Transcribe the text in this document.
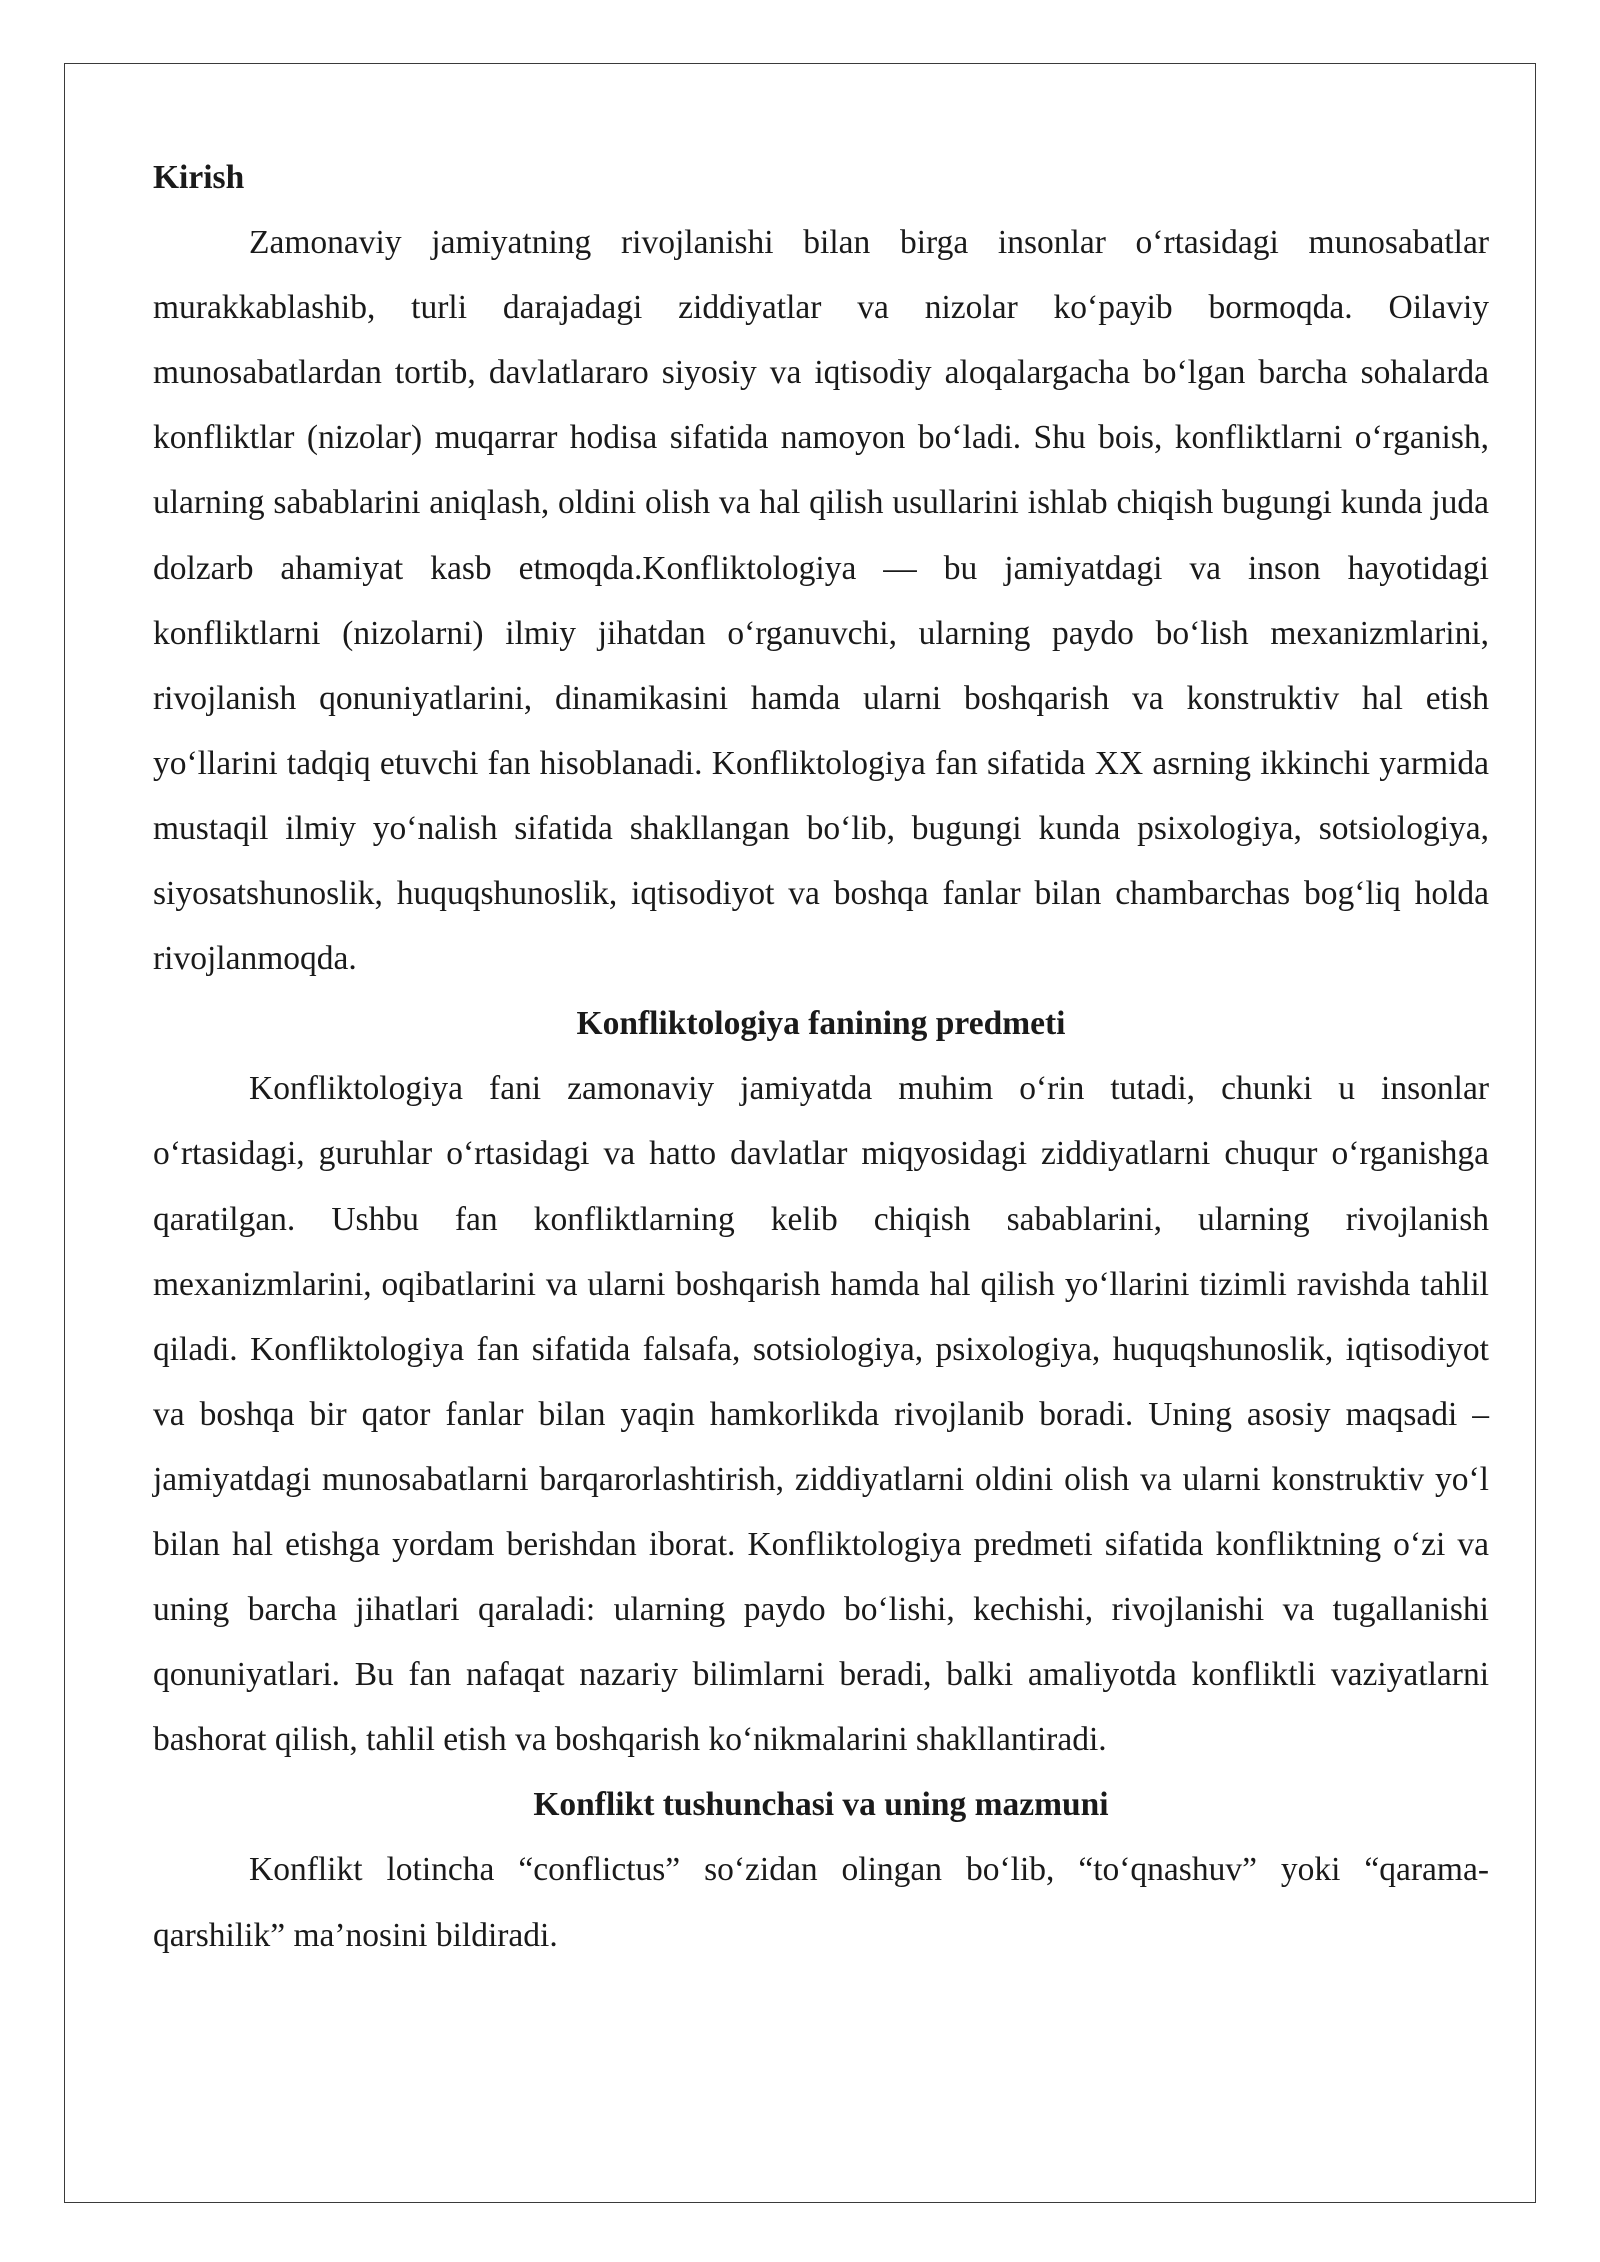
Kirish

Zamonaviy jamiyatning rivojlanishi bilan birga insonlar o‘rtasidagi munosabatlar murakkablashib, turli darajadagi ziddiyatlar va nizolar ko‘payib bormoqda. Oilaviy munosabatlardan tortib, davlatlararo siyosiy va iqtisodiy aloqalargacha bo‘lgan barcha sohalarda konfliktlar (nizolar) muqarrar hodisa sifatida namoyon bo‘ladi. Shu bois, konfliktlarni o‘rganish, ularning sabablarini aniqlash, oldini olish va hal qilish usullarini ishlab chiqish bugungi kunda juda dolzarb ahamiyat kasb etmoqda.Konfliktologiya — bu jamiyatdagi va inson hayotidagi konfliktlarni (nizolarni) ilmiy jihatdan o‘rganuvchi, ularning paydo bo‘lish mexanizmlarini, rivojlanish qonuniyatlarini, dinamikasini hamda ularni boshqarish va konstruktiv hal etish yo‘llarini tadqiq etuvchi fan hisoblanadi. Konfliktologiya fan sifatida XX asrning ikkinchi yarmida mustaqil ilmiy yo‘nalish sifatida shakllangan bo‘lib, bugungi kunda psixologiya, sotsiologiya, siyosatshunoslik, huquqshunoslik, iqtisodiyot va boshqa fanlar bilan chambarchas bog‘liq holda rivojlanmoqda.

Konfliktologiya fanining predmeti

Konfliktologiya fani zamonaviy jamiyatda muhim o‘rin tutadi, chunki u insonlar o‘rtasidagi, guruhlar o‘rtasidagi va hatto davlatlar miqyosidagi ziddiyatlarni chuqur o‘rganishga qaratilgan. Ushbu fan konfliktlarning kelib chiqish sabablarini, ularning rivojlanish mexanizmlarini, oqibatlarini va ularni boshqarish hamda hal qilish yo‘llarini tizimli ravishda tahlil qiladi. Konfliktologiya fan sifatida falsafa, sotsiologiya, psixologiya, huquqshunoslik, iqtisodiyot va boshqa bir qator fanlar bilan yaqin hamkorlikda rivojlanib boradi. Uning asosiy maqsadi – jamiyatdagi munosabatlarni barqarorlashtirish, ziddiyatlarni oldini olish va ularni konstruktiv yo‘l bilan hal etishga yordam berishdan iborat. Konfliktologiya predmeti sifatida konfliktning o‘zi va uning barcha jihatlari qaraladi: ularning paydo bo‘lishi, kechishi, rivojlanishi va tugallanishi qonuniyatlari. Bu fan nafaqat nazariy bilimlarni beradi, balki amaliyotda konfliktli vaziyatlarni bashorat qilish, tahlil etish va boshqarish ko‘nikmalarini shakllantiradi.

Konflikt tushunchasi va uning mazmuni

Konflikt lotincha “conflictus” so‘zidan olingan bo‘lib, “to‘qnashuv” yoki “qarama-qarshilik” ma’nosini bildiradi.
